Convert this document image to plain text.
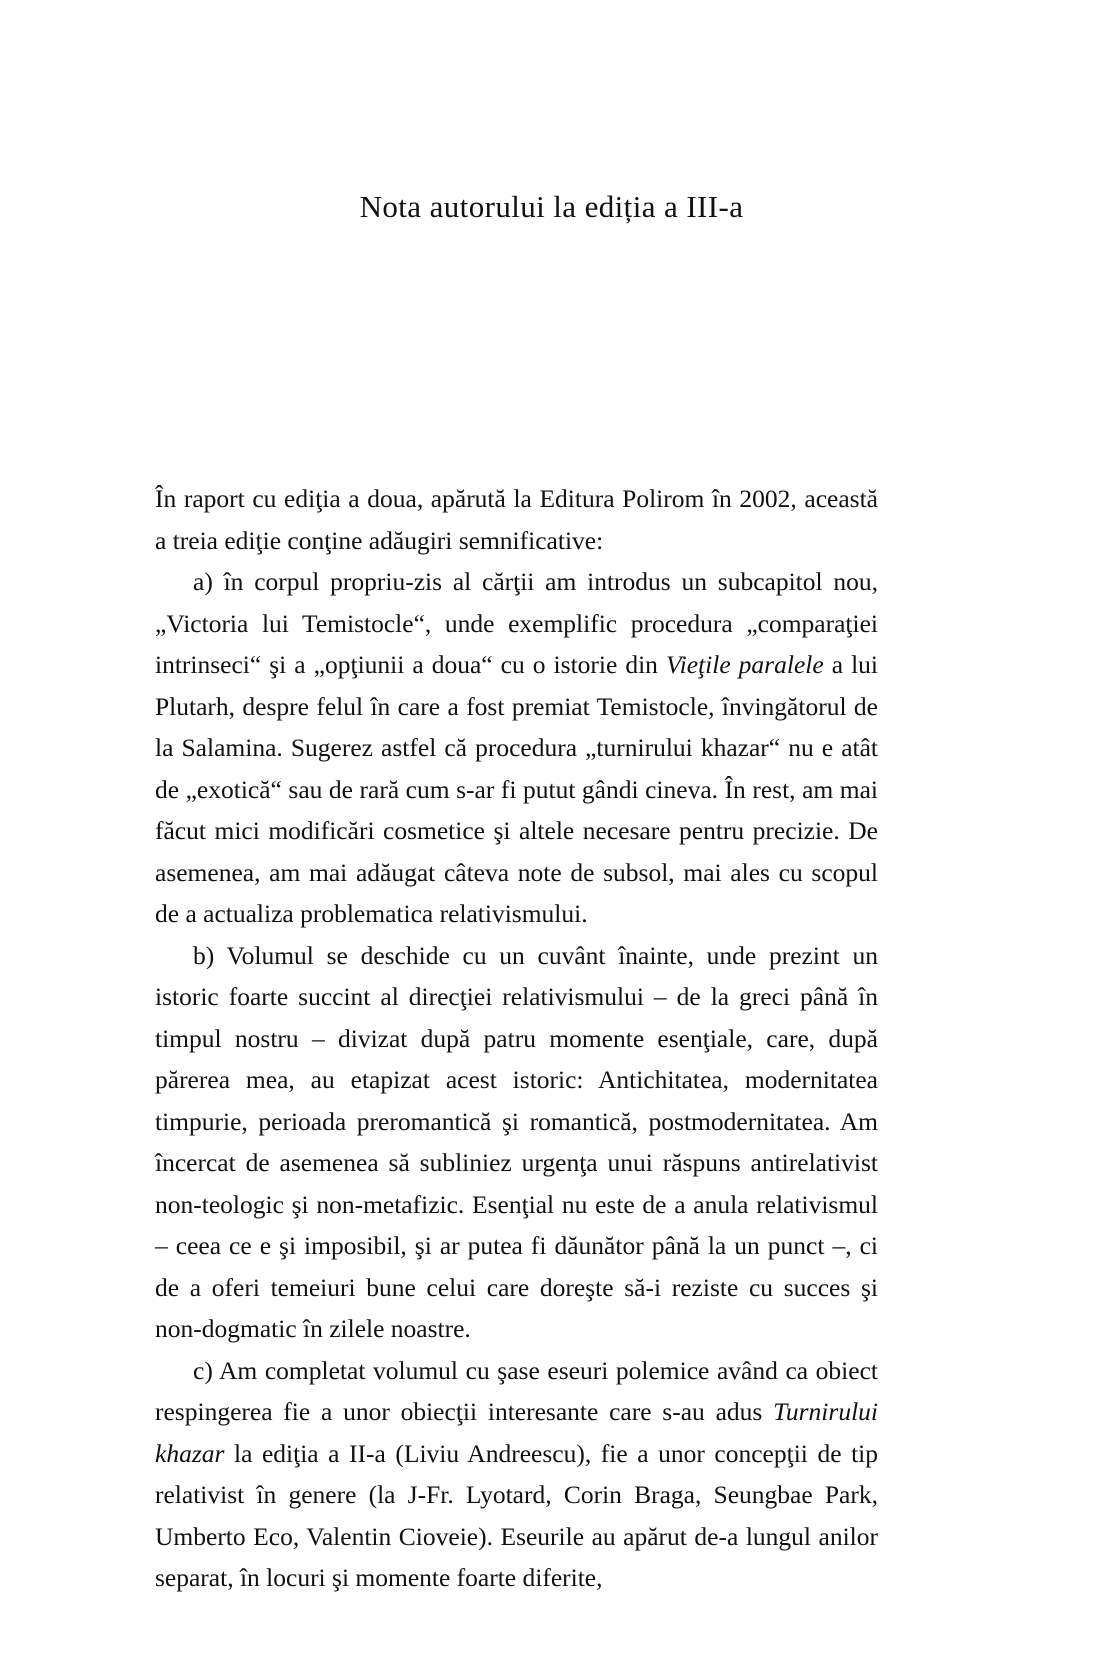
Nota autorului la ediția a III-a

În raport cu ediţia a doua, apărută la Editura Polirom în 2002, această a treia ediţie conţine adăugiri semnificative:

a) în corpul propriu-zis al cărţii am introdus un subcapitol nou, „Victoria lui Temistocle“, unde exemplific procedura „comparaţiei intrinseci“ şi a „opţiunii a doua“ cu o istorie din Vieţile paralele a lui Plutarh, despre felul în care a fost premiat Temistocle, învingătorul de la Salamina. Sugerez astfel că procedura „turnirului khazar“ nu e atât de „exotică“ sau de rară cum s-ar fi putut gândi cineva. În rest, am mai făcut mici modificări cosmetice şi altele necesare pentru precizie. De asemenea, am mai adăugat câteva note de subsol, mai ales cu scopul de a actualiza problematica relativismului.

b) Volumul se deschide cu un cuvânt înainte, unde prezint un istoric foarte succint al direcţiei relativismului – de la greci până în timpul nostru – divizat după patru momente esenţiale, care, după părerea mea, au etapizat acest istoric: Antichitatea, modernitatea timpurie, perioada preromantică şi romantică, postmodernitatea. Am încercat de asemenea să subliniez urgenţa unui răspuns antirelativist non-teologic şi non-metafizic. Esenţial nu este de a anula relativismul – ceea ce e şi imposibil, şi ar putea fi dăunător până la un punct –, ci de a oferi temeiuri bune celui care doreşte să-i reziste cu succes şi non-dogmatic în zilele noastre.

c) Am completat volumul cu şase eseuri polemice având ca obiect respingerea fie a unor obiecţii interesante care s-au adus Turnirului khazar la ediţia a II-a (Liviu Andreescu), fie a unor concepţii de tip relativist în genere (la J-Fr. Lyotard, Corin Braga, Seungbae Park, Umberto Eco, Valentin Cioveie). Eseurile au apărut de-a lungul anilor separat, în locuri şi momente foarte diferite,
